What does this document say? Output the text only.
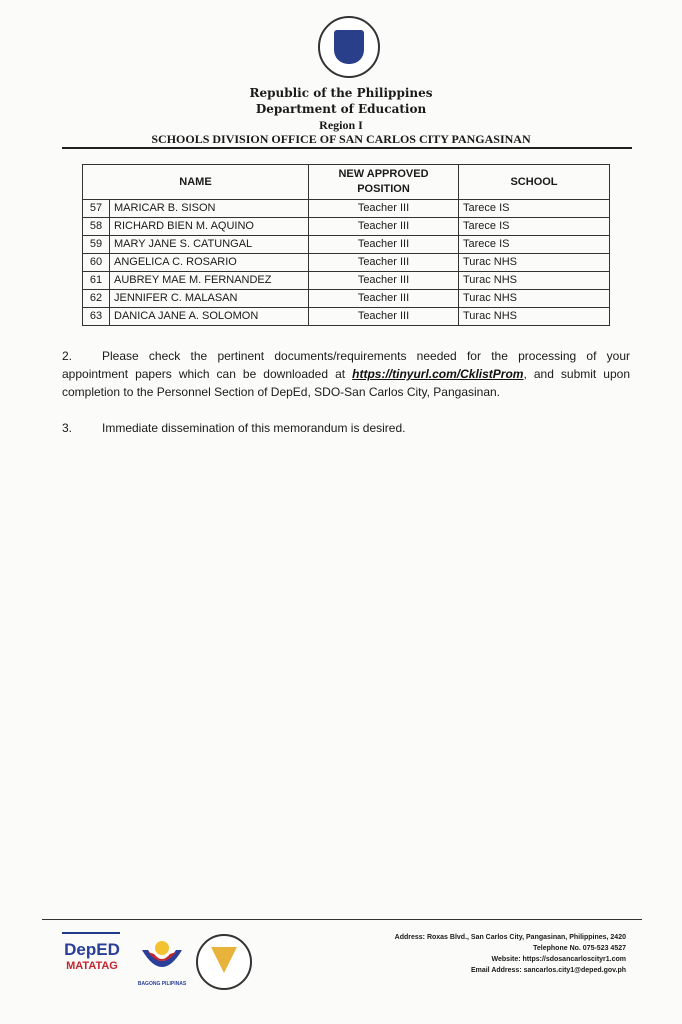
Republic of the Philippines
Department of Education
Region I
SCHOOLS DIVISION OFFICE OF SAN CARLOS CITY PANGASINAN
NAME		NEW APPROVED POSITION	SCHOOL
57	MARICAR B. SISON	Teacher III	Tarece IS
58	RICHARD BIEN M. AQUINO	Teacher III	Tarece IS
59	MARY JANE S. CATUNGAL	Teacher III	Tarece IS
60	ANGELICA C. ROSARIO	Teacher III	Turac NHS
61	AUBREY MAE M. FERNANDEZ	Teacher III	Turac NHS
62	JENNIFER C. MALASAN	Teacher III	Turac NHS
63	DANICA JANE A. SOLOMON	Teacher III	Turac NHS
2. Please check the pertinent documents/requirements needed for the processing of your appointment papers which can be downloaded at https://tinyurl.com/CklistProm, and submit upon completion to the Personnel Section of DepEd, SDO-San Carlos City, Pangasinan.
3. Immediate dissemination of this memorandum is desired.
DepED
MATATAG
BAGONG PILIPINAS
Address: Roxas Blvd., San Carlos City, Pangasinan, Philippines, 2420
Telephone No. 075-523 4527
Website: https://sdosancarloscityr1.com
Email Address: sancarlos.city1@deped.gov.ph
